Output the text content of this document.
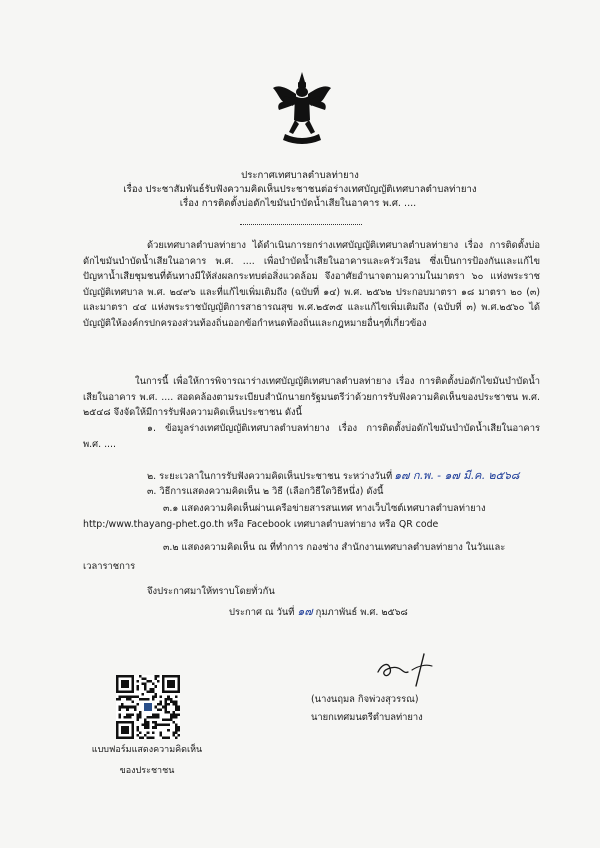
ประกาศเทศบาลตำบลท่ายาง
เรื่อง ประชาสัมพันธ์รับฟังความคิดเห็นประชาชนต่อร่างเทศบัญญัติเทศบาลตำบลท่ายาง
เรื่อง การติดตั้งบ่อดักไขมันบำบัดน้ำเสียในอาคาร พ.ศ. ....

ด้วยเทศบาลตำบลท่ายาง ได้ดำเนินการยกร่างเทศบัญญัติเทศบาลตำบลท่ายาง เรื่อง การติดตั้งบ่อดักไขมันบำบัดน้ำเสียในอาคาร พ.ศ. .... เพื่อบำบัดน้ำเสียในอาคารและครัวเรือน ซึ่งเป็นการป้องกันและแก้ไขปัญหาน้ำเสียชุมชนที่ต้นทางมีให้ส่งผลกระทบต่อสิ่งแวดล้อม จึงอาศัยอำนาจตามความในมาตรา ๖๐ แห่งพระราชบัญญัติเทศบาล พ.ศ. ๒๔๙๖ และที่แก้ไขเพิ่มเติมถึง (ฉบับที่ ๑๔) พ.ศ. ๒๕๖๒ ประกอบมาตรา ๑๘ มาตรา ๒๐ (๓) และมาตรา ๔๔ แห่งพระราชบัญญัติการสาธารณสุข พ.ศ.๒๕๓๕ และแก้ไขเพิ่มเติมถึง (ฉบับที่ ๓) พ.ศ.๒๕๖๐ ได้บัญญัติให้องค์กรปกครองส่วนท้องถิ่นออกข้อกำหนดท้องถิ่นและกฎหมายอื่นๆที่เกี่ยวข้อง

ในการนี้ เพื่อให้การพิจารณาร่างเทศบัญญัติเทศบาลตำบลท่ายาง เรื่อง การติดตั้งบ่อดักไขมันบำบัดน้ำเสียในอาคาร พ.ศ. .... สอดคล้องตามระเบียบสำนักนายกรัฐมนตรีว่าด้วยการรับฟังความคิดเห็นของประชาชน พ.ศ. ๒๕๔๘ จึงจัดให้มีการรับฟังความคิดเห็นประชาชน ดังนี้

๑. ข้อมูลร่างเทศบัญญัติเทศบาลตำบลท่ายาง เรื่อง การติดตั้งบ่อดักไขมันบำบัดน้ำเสียในอาคาร พ.ศ. ....

๒. ระยะเวลาในการรับฟังความคิดเห็นประชาชน ระหว่างวันที่ ๑๗ ก.พ. - ๑๗ มี.ค. ๒๕๖๘
๓. วิธีการแสดงความคิดเห็น ๒ วิธี (เลือกวิธีใดวิธีหนึ่ง) ดังนี้
๓.๑ แสดงความคิดเห็นผ่านเครือข่ายสารสนเทศ ทางเว็บไซต์เทศบาลตำบลท่ายาง
http:/www.thayang-phet.go.th หรือ Facebook เทศบาลตำบลท่ายาง หรือ QR code
๓.๒ แสดงความคิดเห็น ณ ที่ทำการ กองช่าง สำนักงานเทศบาลตำบลท่ายาง ในวันและ
เวลาราชการ
จึงประกาศมาให้ทราบโดยทั่วกัน
ประกาศ ณ วันที่ ๑๗ กุมภาพันธ์ พ.ศ. ๒๕๖๘
(นางนฤมล กิจพ่วงสุวรรณ)
นายกเทศมนตรีตำบลท่ายาง
แบบฟอร์มแสดงความคิดเห็น
ของประชาชน
